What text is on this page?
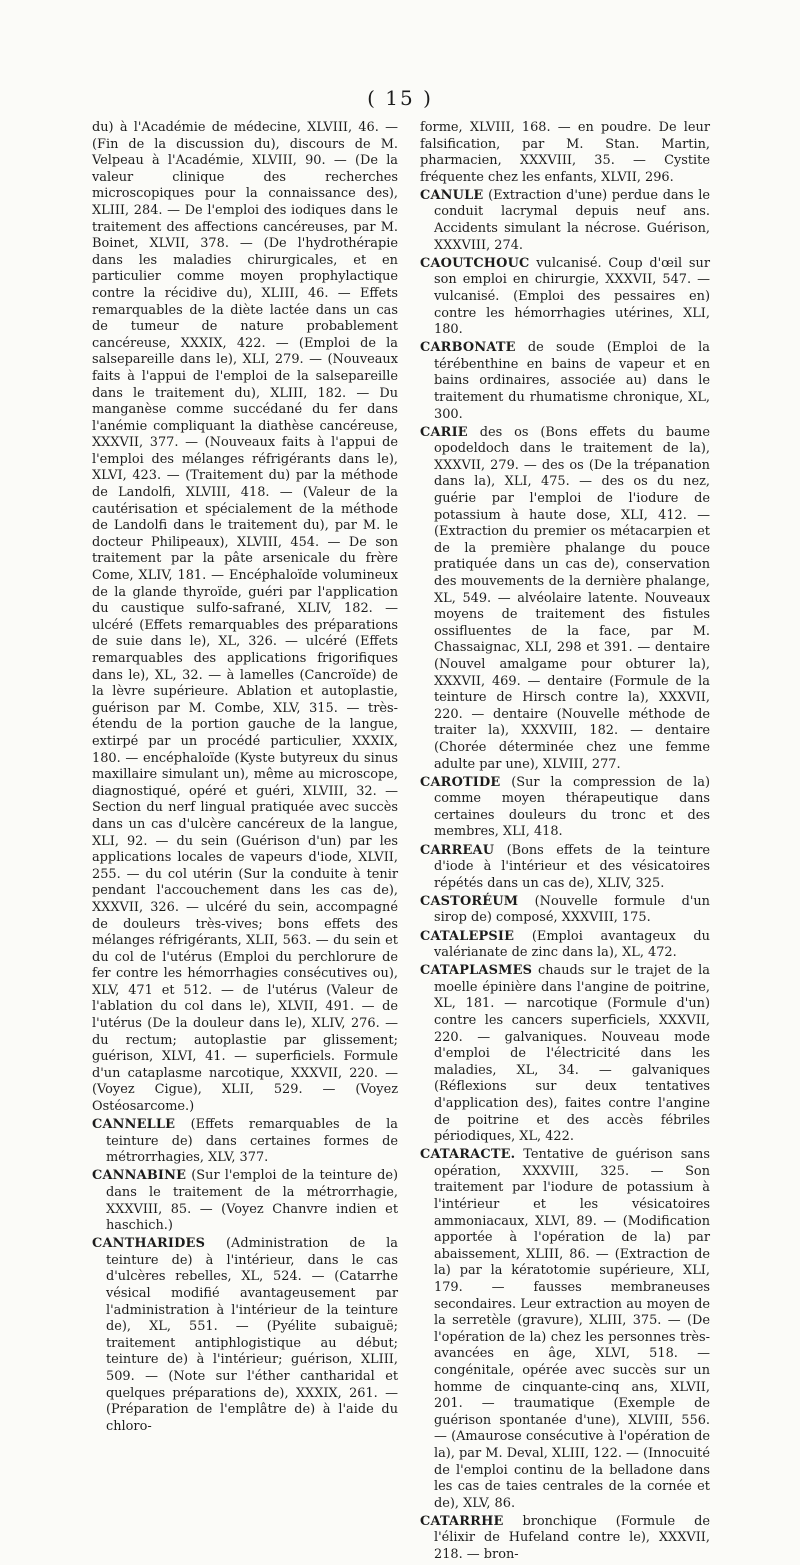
( 15 )

du) à l'Académie de médecine, XLVIII, 46. — (Fin de la discussion du), discours de M. Velpeau à l'Académie, XLVIII, 90. — (De la valeur clinique des recherches microscopiques pour la connaissance des), XLIII, 284. — De l'emploi des iodiques dans le traitement des affections cancéreuses, par M. Boinet, XLVII, 378. — (De l'hydrothérapie dans les maladies chirurgicales, et en particulier comme moyen prophylactique contre la récidive du), XLIII, 46. — Effets remarquables de la diète lactée dans un cas de tumeur de nature probablement cancéreuse, XXXIX, 422. — (Emploi de la salsepareille dans le), XLI, 279. — (Nouveaux faits à l'appui de l'emploi de la salsepareille dans le traitement du), XLIII, 182. — Du manganèse comme succédané du fer dans l'anémie compliquant la diathèse cancéreuse, XXXVII, 377. — (Nouveaux faits à l'appui de l'emploi des mélanges réfrigérants dans le), XLVI, 423. — (Traitement du) par la méthode de Landolfi, XLVIII, 418. — (Valeur de la cautérisation et spécialement de la méthode de Landolfi dans le traitement du), par M. le docteur Philipeaux), XLVIII, 454. — De son traitement par la pâte arsenicale du frère Come, XLIV, 181. — Encéphaloïde volumineux de la glande thyroïde, guéri par l'application du caustique sulfo-safrané, XLIV, 182. — ulcéré (Effets remarquables des préparations de suie dans le), XL, 326. — ulcéré (Effets remarquables des applications frigorifiques dans le), XL, 32. — à lamelles (Cancroïde) de la lèvre supérieure. Ablation et autoplastie, guérison par M. Combe, XLV, 315. — très-étendu de la portion gauche de la langue, extirpé par un procédé particulier, XXXIX, 180. — encéphaloïde (Kyste butyreux du sinus maxillaire simulant un), même au microscope, diagnostiqué, opéré et guéri, XLVIII, 32. — Section du nerf lingual pratiquée avec succès dans un cas d'ulcère cancéreux de la langue, XLI, 92. — du sein (Guérison d'un) par les applications locales de vapeurs d'iode, XLVII, 255. — du col utérin (Sur la conduite à tenir pendant l'accouchement dans les cas de), XXXVII, 326. — ulcéré du sein, accompagné de douleurs très-vives; bons effets des mélanges réfrigérants, XLII, 563. — du sein et du col de l'utérus (Emploi du perchlorure de fer contre les hémorrhagies consécutives ou), XLV, 471 et 512. — de l'utérus (Valeur de l'ablation du col dans le), XLVII, 491. — de l'utérus (De la douleur dans le), XLIV, 276. — du rectum; autoplastie par glissement; guérison, XLVI, 41. — superficiels. Formule d'un cataplasme narcotique, XXXVII, 220. — (Voyez Cigue), XLII, 529. — (Voyez Ostéosarcome.)

CANNELLE (Effets remarquables de la teinture de) dans certaines formes de métrorrhagies, XLV, 377.

CANNABINE (Sur l'emploi de la teinture de) dans le traitement de la métrorrhagie, XXXVIII, 85. — (Voyez Chanvre indien et haschich.)

CANTHARIDES (Administration de la teinture de) à l'intérieur, dans le cas d'ulcères rebelles, XL, 524. — (Catarrhe vésical modifié avantageusement par l'administration à l'intérieur de la teinture de), XL, 551. — (Pyélite subaiguë; traitement antiphlogistique au début; teinture de) à l'intérieur; guérison, XLIII, 509. — (Note sur l'éther cantharidal et quelques préparations de), XXXIX, 261. — (Préparation de l'emplâtre de) à l'aide du chloro-

forme, XLVIII, 168. — en poudre. De leur falsification, par M. Stan. Martin, pharmacien, XXXVIII, 35. — Cystite fréquente chez les enfants, XLVII, 296.

CANULE (Extraction d'une) perdue dans le conduit lacrymal depuis neuf ans. Accidents simulant la nécrose. Guérison, XXXVIII, 274.

CAOUTCHOUC vulcanisé. Coup d'œil sur son emploi en chirurgie, XXXVII, 547. — vulcanisé. (Emploi des pessaires en) contre les hémorrhagies utérines, XLI, 180.

CARBONATE de soude (Emploi de la térébenthine en bains de vapeur et en bains ordinaires, associée au) dans le traitement du rhumatisme chronique, XL, 300.

CARIE des os (Bons effets du baume opodeldoch dans le traitement de la), XXXVII, 279. — des os (De la trépanation dans la), XLI, 475. — des os du nez, guérie par l'emploi de l'iodure de potassium à haute dose, XLI, 412. — (Extraction du premier os métacarpien et de la première phalange du pouce pratiquée dans un cas de), conservation des mouvements de la dernière phalange, XL, 549. — alvéolaire latente. Nouveaux moyens de traitement des fistules ossifluentes de la face, par M. Chassaignac, XLI, 298 et 391. — dentaire (Nouvel amalgame pour obturer la), XXXVII, 469. — dentaire (Formule de la teinture de Hirsch contre la), XXXVII, 220. — dentaire (Nouvelle méthode de traiter la), XXXVIII, 182. — dentaire (Chorée déterminée chez une femme adulte par une), XLVIII, 277.

CAROTIDE (Sur la compression de la) comme moyen thérapeutique dans certaines douleurs du tronc et des membres, XLI, 418.

CARREAU (Bons effets de la teinture d'iode à l'intérieur et des vésicatoires répétés dans un cas de), XLIV, 325.

CASTORÉUM (Nouvelle formule d'un sirop de) composé, XXXVIII, 175.

CATALEPSIE (Emploi avantageux du valérianate de zinc dans la), XL, 472.

CATAPLASMES chauds sur le trajet de la moelle épinière dans l'angine de poitrine, XL, 181. — narcotique (Formule d'un) contre les cancers superficiels, XXXVII, 220. — galvaniques. Nouveau mode d'emploi de l'électricité dans les maladies, XL, 34. — galvaniques (Réflexions sur deux tentatives d'application des), faites contre l'angine de poitrine et des accès fébriles périodiques, XL, 422.

CATARACTE. Tentative de guérison sans opération, XXXVIII, 325. — Son traitement par l'iodure de potassium à l'intérieur et les vésicatoires ammoniacaux, XLVI, 89. — (Modification apportée à l'opération de la) par abaissement, XLIII, 86. — (Extraction de la) par la kératotomie supérieure, XLI, 179. — fausses membraneuses secondaires. Leur extraction au moyen de la serretèle (gravure), XLIII, 375. — (De l'opération de la) chez les personnes très-avancées en âge, XLVI, 518. — congénitale, opérée avec succès sur un homme de cinquante-cinq ans, XLVII, 201. — traumatique (Exemple de guérison spontanée d'une), XLVIII, 556. — (Amaurose consécutive à l'opération de la), par M. Deval, XLIII, 122. — (Innocuité de l'emploi continu de la belladone dans les cas de taies centrales de la cornée et de), XLV, 86.

CATARRHE bronchique (Formule de l'élixir de Hufeland contre le), XXXVII, 218. — bron-
